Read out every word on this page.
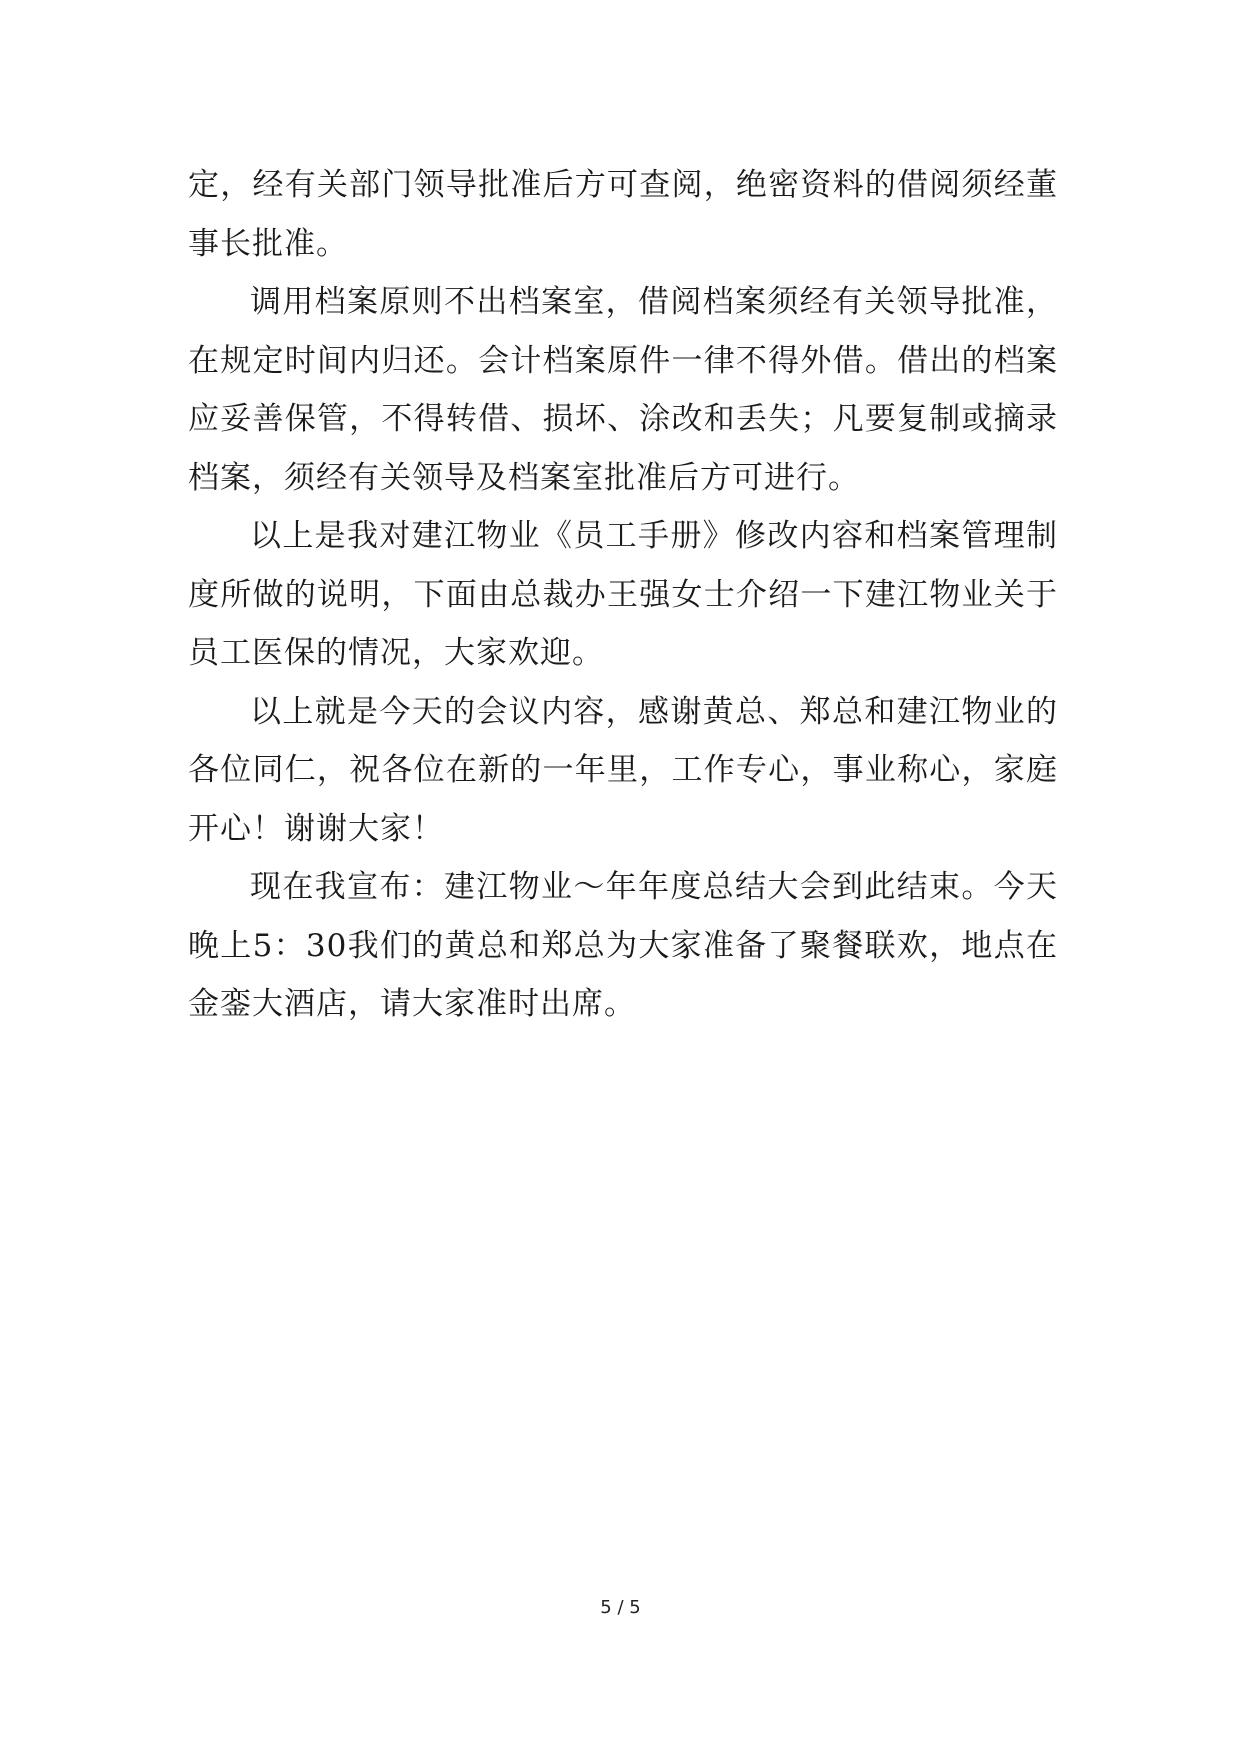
定，经有关部门领导批准后方可查阅，绝密资料的借阅须经董事长批准。

调用档案原则不出档案室，借阅档案须经有关领导批准，在规定时间内归还。会计档案原件一律不得外借。借出的档案应妥善保管，不得转借、损坏、涂改和丢失；凡要复制或摘录档案，须经有关领导及档案室批准后方可进行。

以上是我对建江物业《员工手册》修改内容和档案管理制度所做的说明，下面由总裁办王强女士介绍一下建江物业关于员工医保的情况，大家欢迎。

以上就是今天的会议内容，感谢黄总、郑总和建江物业的各位同仁，祝各位在新的一年里，工作专心，事业称心，家庭开心！谢谢大家！

现在我宣布：建江物业～年年度总结大会到此结束。今天晚上5：30我们的黄总和郑总为大家准备了聚餐联欢，地点在金銮大酒店，请大家准时出席。

5 / 5
